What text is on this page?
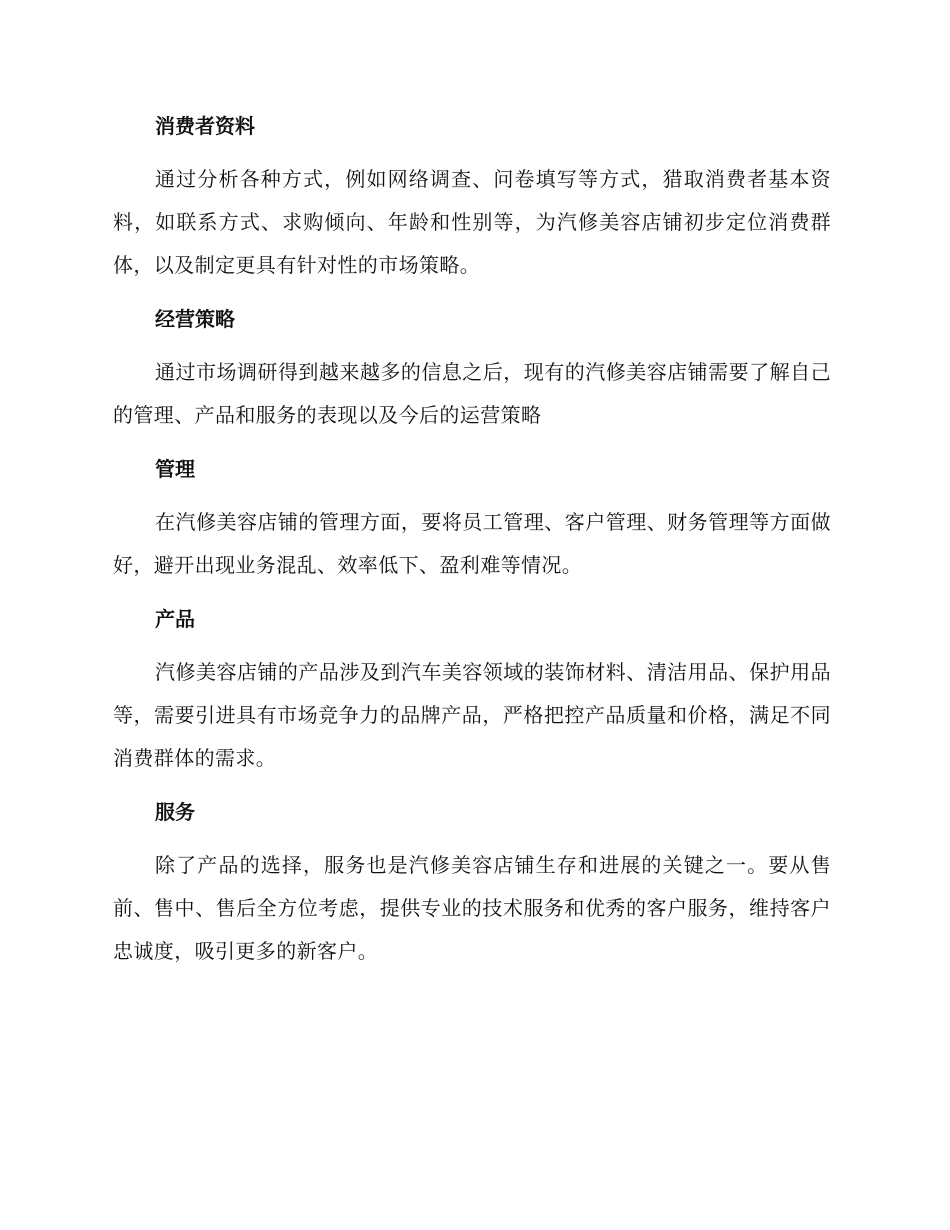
消费者资料

通过分析各种方式，例如网络调查、问卷填写等方式，猎取消费者基本资料，如联系方式、求购倾向、年龄和性别等，为汽修美容店铺初步定位消费群体，以及制定更具有针对性的市场策略。

经营策略

通过市场调研得到越来越多的信息之后，现有的汽修美容店铺需要了解自己的管理、产品和服务的表现以及今后的运营策略

管理

在汽修美容店铺的管理方面，要将员工管理、客户管理、财务管理等方面做好，避开出现业务混乱、效率低下、盈利难等情况。

产品

汽修美容店铺的产品涉及到汽车美容领域的装饰材料、清洁用品、保护用品等，需要引进具有市场竞争力的品牌产品，严格把控产品质量和价格，满足不同消费群体的需求。

服务

除了产品的选择，服务也是汽修美容店铺生存和进展的关键之一。要从售前、售中、售后全方位考虑，提供专业的技术服务和优秀的客户服务，维持客户忠诚度，吸引更多的新客户。
